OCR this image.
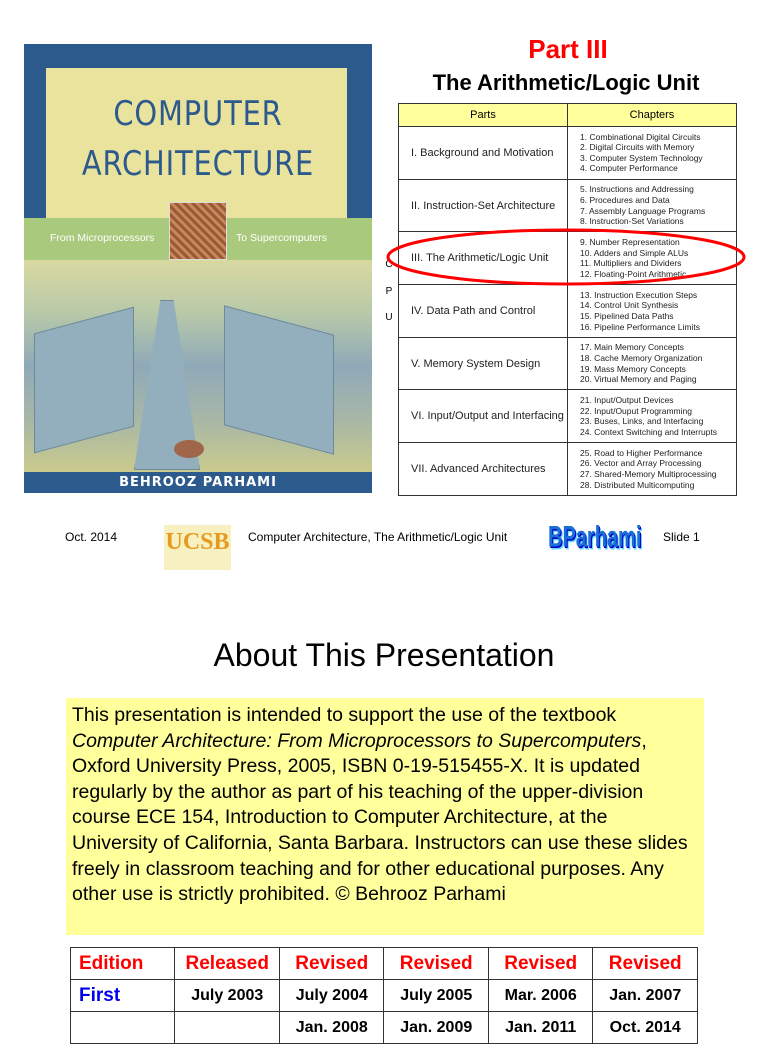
COMPUTER
ARCHITECTURE
From Microprocessors	To Supercomputers
BEHROOZ PARHAMI
Part III
The Arithmetic/Logic Unit
Parts	Chapters
I. Background and Motivation	1. Combinational Digital Circuits
2. Digital Circuits with Memory
3. Computer System Technology
4. Computer Performance

II. Instruction-Set Architecture	5. Instructions and Addressing
6. Procedures and Data
7. Assembly Language Programs
8. Instruction-Set Variations

III. The Arithmetic/Logic Unit	9. Number Representation
10. Adders and Simple ALUs
11. Multipliers and Dividers
12. Floating-Point Arithmetic

IV. Data Path and Control	13. Instruction Execution Steps
14. Control Unit Synthesis
15. Pipelined Data Paths
16. Pipeline Performance Limits

V. Memory System Design	17. Main Memory Concepts
18. Cache Memory Organization
19. Mass Memory Concepts
20. Virtual Memory and Paging

VI. Input/Output and Interfacing	21. Input/Output Devices
22. Input/Ouput Programming
23. Buses, Links, and Interfacing
24. Context Switching and Interrupts

VII. Advanced Architectures	25. Road to Higher Performance
26. Vector and Array Processing
27. Shared-Memory Multiprocessing
28. Distributed Multicomputing
C
P
U
Oct. 2014 UCSB Computer Architecture, The Arithmetic/Logic Unit BParhami Slide 1
About This Presentation
This presentation is intended to support the use of the textbook Computer Architecture: From Microprocessors to Supercomputers, Oxford University Press, 2005, ISBN 0-19-515455-X. It is updated regularly by the author as part of his teaching of the upper-division course ECE 154, Introduction to Computer Architecture, at the University of California, Santa Barbara. Instructors can use these slides freely in classroom teaching and for other educational purposes. Any other use is strictly prohibited. © Behrooz Parhami
Edition	Released	Revised	Revised	Revised	Revised
First	July 2003	July 2004	July 2005	Mar. 2006	Jan. 2007
		Jan. 2008	Jan. 2009	Jan. 2011	Oct. 2014
